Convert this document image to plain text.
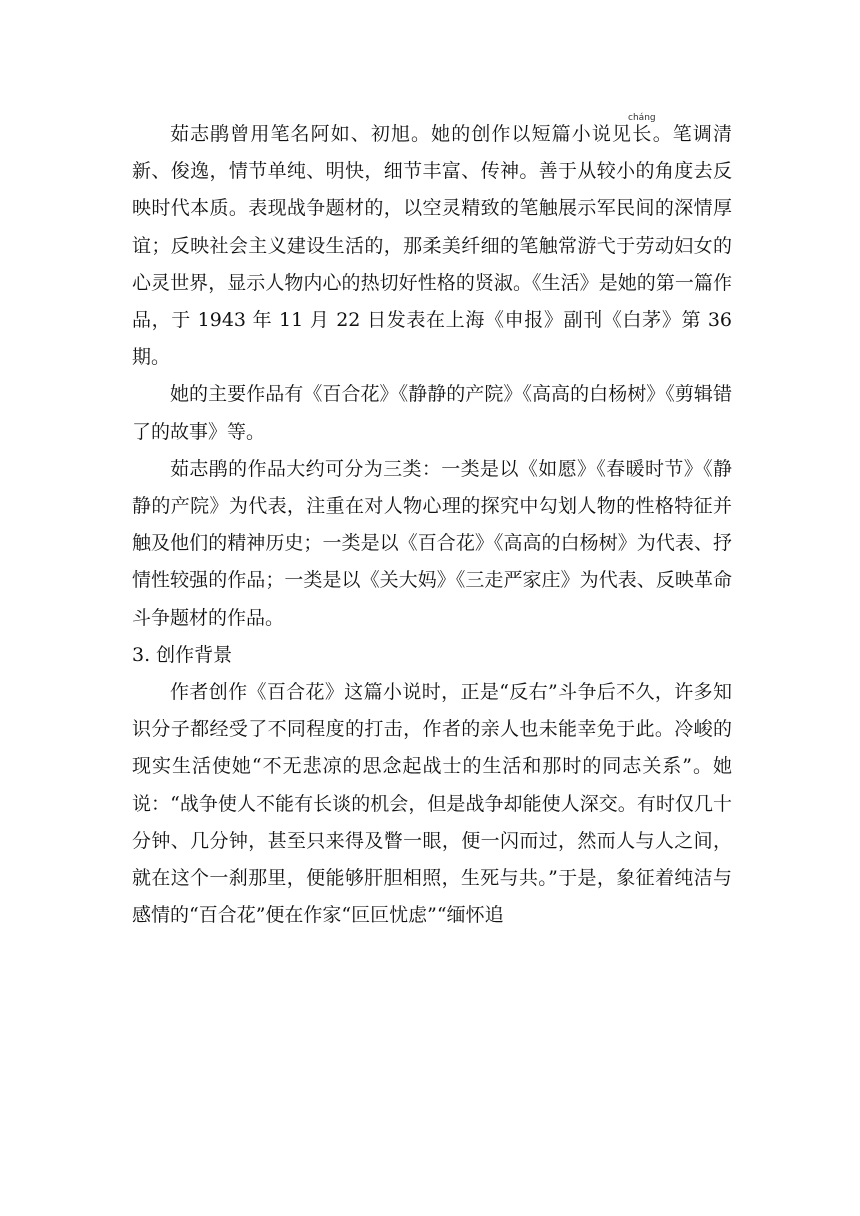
茹志鹃曾用笔名阿如、初旭。她的创作以短篇小说见长cháng。笔调清新、俊逸，情节单纯、明快，细节丰富、传神。善于从较小的角度去反映时代本质。表现战争题材的，以空灵精致的笔触展示军民间的深情厚谊；反映社会主义建设生活的，那柔美纤细的笔触常游弋于劳动妇女的心灵世界，显示人物内心的热切好性格的贤淑。《生活》是她的第一篇作品，于 1943 年 11 月 22 日发表在上海《申报》副刊《白茅》第 36 期。

她的主要作品有《百合花》《静静的产院》《高高的白杨树》《剪辑错了的故事》等。

茹志鹃的作品大约可分为三类：一类是以《如愿》《春暖时节》《静静的产院》为代表，注重在对人物心理的探究中勾划人物的性格特征并触及他们的精神历史；一类是以《百合花》《高高的白杨树》为代表、抒情性较强的作品；一类是以《关大妈》《三走严家庄》为代表、反映革命斗争题材的作品。

3. 创作背景

作者创作《百合花》这篇小说时，正是“反右”斗争后不久，许多知识分子都经受了不同程度的打击，作者的亲人也未能幸免于此。冷峻的现实生活使她“不无悲凉的思念起战士的生活和那时的同志关系”。她说：“战争使人不能有长谈的机会，但是战争却能使人深交。有时仅几十分钟、几分钟，甚至只来得及瞥一眼，便一闪而过，然而人与人之间，就在这个一刹那里，便能够肝胆相照，生死与共。”于是，象征着纯洁与感情的“百合花”便在作家“叵叵忧虑”“缅怀追
